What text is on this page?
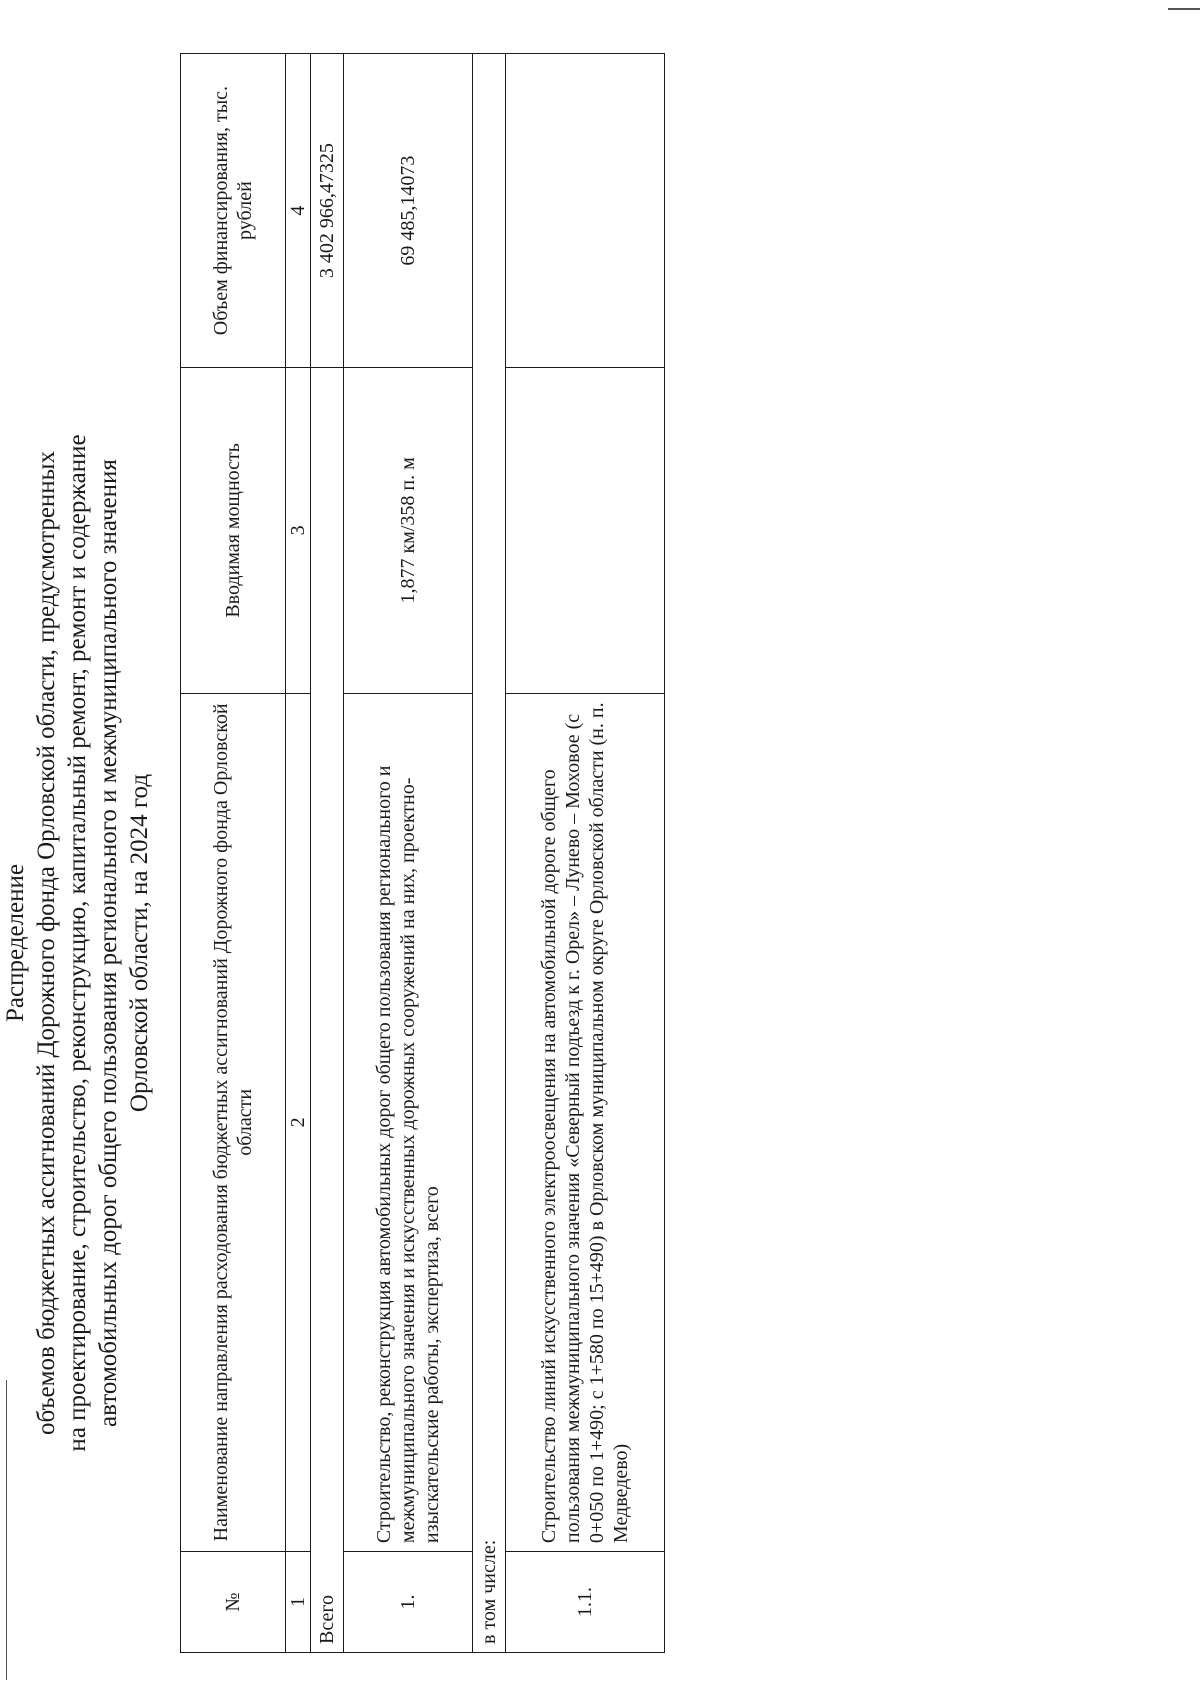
Распределение объемов бюджетных ассигнований Дорожного фонда Орловской области, предусмотренных на проектирование, строительство, реконструкцию, капитальный ремонт, ремонт и содержание автомобильных дорог общего пользования регионального и межмуниципального значения Орловской области, на 2024 год
№	Наименование направления расходования бюджетных ассигнований Дорожного фонда Орловской области	Вводимая мощность	Объем финансирования, тыс. рублей
1	2	3	4
Всего			3 402 966,47325
1.	Строительство, реконструкция автомобильных дорог общего пользования регионального и межмуниципального значения и искусственных дорожных сооружений на них, проектно-изыскательские работы, экспертиза, всего	1,877 км/358 п. м	69 485,14073
в том числе:			
1.1.	Строительство линий искусственного электроосвещения на автомобильной дороге общего пользования межмуниципального значения «Северный подъезд к г. Орел» – Лунево – Моховое (с 0+050 по 1+490; с 1+580 по 15+490) в Орловском муниципальном округе Орловской области (н. п. Медведево)		
